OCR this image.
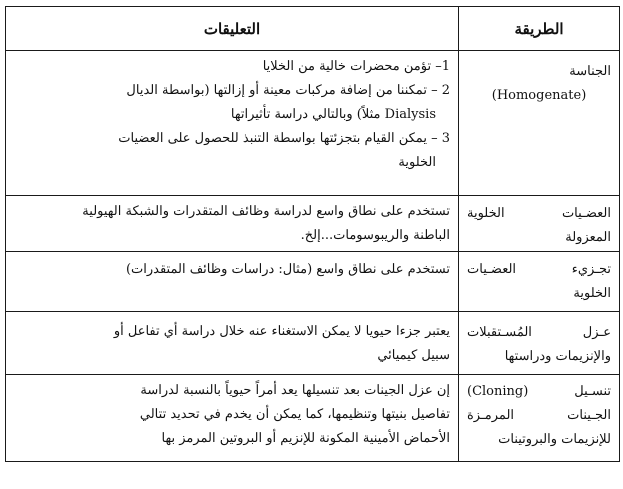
الطريقة	التعليقات

الجناسة
(Homogenate)	1– تؤمن محضرات خالية من الخلايا
2 – تمكننا من إضافة مركبات معينة أو إزالتها (بواسطة الديال
Dialysis مثلاً) وبالتالي دراسة تأثيراتها
3 – يمكن القيام بتجزئتها بواسطة التنبذ للحصول على العضيات
الخلوية

العضـيات الخلوية
المعزولة	تستخدم على نطاق واسع لدراسة وظائف المتقدرات والشبكة الهيولية
الباطنة والريبوسومات...إلخ.

تجـزيء العضـيات
الخلوية	تستخدم على نطاق واسع (مثال: دراسات وظائف المتقدرات)

عـزل المُسـتقبلات
والإنزيمات ودراستها	يعتبر جزءا حيويا لا يمكن الاستغناء عنه خلال دراسة أي تفاعل أو
سبيل كيميائي

تنسـيل (Cloning)
الجـينات المرمـزة
للإنزيمات والبروتينات	إن عزل الجينات بعد تنسيلها يعد أمراً حيوياً بالنسبة لدراسة
تفاصيل بنيتها وتنظيمها، كما يمكن أن يخدم في تحديد تتالي
الأحماض الأمينية المكونة للإنزيم أو البروتين المرمز بها
